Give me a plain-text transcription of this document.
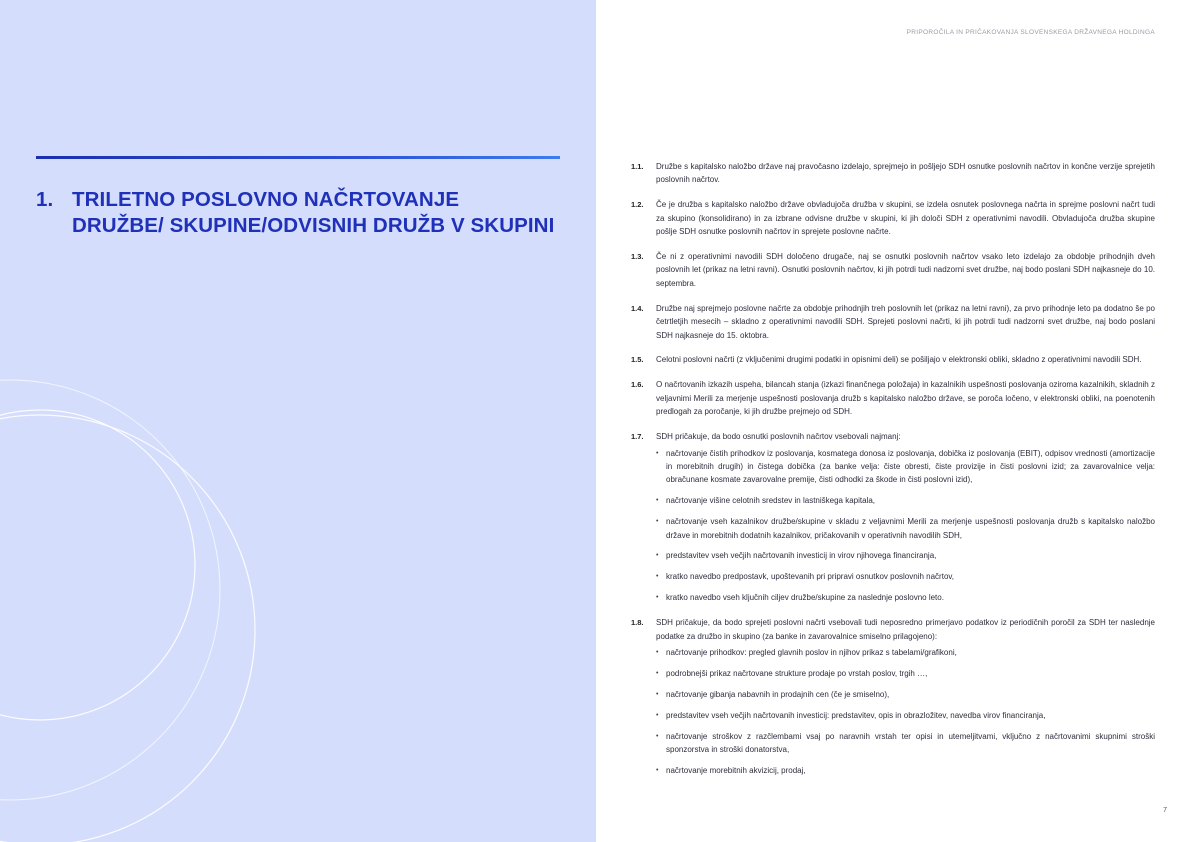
1. TRILETNO POSLOVNO NAČRTOVANJE DRUŽBE/ SKUPINE/ODVISNIH DRUŽB V SKUPINI
PRIPOROČILA IN PRIČAKOVANJA SLOVENSKEGA DRŽAVNEGA HOLDINGA
1.1.	Družbe s kapitalsko naložbo države naj pravočasno izdelajo, sprejmejo in pošljejo SDH osnutke poslovnih načrtov in končne verzije sprejetih poslovnih načrtov.

1.2.	Če je družba s kapitalsko naložbo države obvladujoča družba v skupini, se izdela osnutek poslovnega načrta in sprejme poslovni načrt tudi za skupino (konsolidirano) in za izbrane odvisne družbe v skupini, ki jih določi SDH z operativnimi navodili. Obvladujoča družba skupine pošlje SDH osnutke poslovnih načrtov in sprejete poslovne načrte.

1.3.	Če ni z operativnimi navodili SDH določeno drugače, naj se osnutki poslovnih načrtov vsako leto izdelajo za obdobje prihodnjih dveh poslovnih let (prikaz na letni ravni). Osnutki poslovnih načrtov, ki jih potrdi tudi nadzorni svet družbe, naj bodo poslani SDH najkasneje do 10. septembra.

1.4.	Družbe naj sprejmejo poslovne načrte za obdobje prihodnjih treh poslovnih let (prikaz na letni ravni), za prvo prihodnje leto pa dodatno še po četrtletjih mesecih – skladno z operativnimi navodili SDH. Sprejeti poslovni načrti, ki jih potrdi tudi nadzorni svet družbe, naj bodo poslani SDH najkasneje do 15. oktobra.

1.5.	Celotni poslovni načrti (z vključenimi drugimi podatki in opisnimi deli) se pošiljajo v elektronski obliki, skladno z operativnimi navodili SDH.

1.6.	O načrtovanih izkazih uspeha, bilancah stanja (izkazi finančnega položaja) in kazalnikih uspešnosti poslovanja oziroma kazalnikih, skladnih z veljavnimi Merili za merjenje uspešnosti poslovanja družb s kapitalsko naložbo države, se poroča ločeno, v elektronski obliki, na poenotenih predlogah za poročanje, ki jih družbe prejmejo od SDH.

1.7.	SDH pričakuje, da bodo osnutki poslovnih načrtov vsebovali najmanj:

• načrtovanje čistih prihodkov iz poslovanja, kosmatega donosa iz poslovanja, dobička iz poslovanja (EBIT), odpisov vrednosti (amortizacije in morebitnih drugih) in čistega dobička (za banke velja: čiste obresti, čiste provizije in čisti poslovni izid; za zavarovalnice velja: obračunane kosmate zavarovalne premije, čisti odhodki za škode in čisti poslovni izid),
• načrtovanje višine celotnih sredstev in lastniškega kapitala,
• načrtovanje vseh kazalnikov družbe/skupine v skladu z veljavnimi Merili za merjenje uspešnosti poslovanja družb s kapitalsko naložbo države in morebitnih dodatnih kazalnikov, pričakovanih v operativnih navodilih SDH,
• predstavitev vseh večjih načrtovanih investicij in virov njihovega financiranja,
• kratko navedbo predpostavk, upoštevanih pri pripravi osnutkov poslovnih načrtov,
• kratko navedbo vseh ključnih ciljev družbe/skupine za naslednje poslovno leto.
1.8.	SDH pričakuje, da bodo sprejeti poslovni načrti vsebovali tudi neposredno primerjavo podatkov iz periodičnih poročil za SDH ter naslednje podatke za družbo in skupino (za banke in zavarovalnice smiselno prilagojeno):

• načrtovanje prihodkov: pregled glavnih poslov in njihov prikaz s tabelami/grafikoni,
• podrobnejši prikaz načrtovane strukture prodaje po vrstah poslov, trgih …,
• načrtovanje gibanja nabavnih in prodajnih cen (če je smiselno),
• predstavitev vseh večjih načrtovanih investicij: predstavitev, opis in obrazložitev, navedba virov financiranja,
• načrtovanje stroškov z razčlembami vsaj po naravnih vrstah ter opisi in utemeljitvami, vključno z načrtovanimi skupnimi stroški sponzorstva in stroški donatorstva,
• načrtovanje morebitnih akvizicij, prodaj,
7
